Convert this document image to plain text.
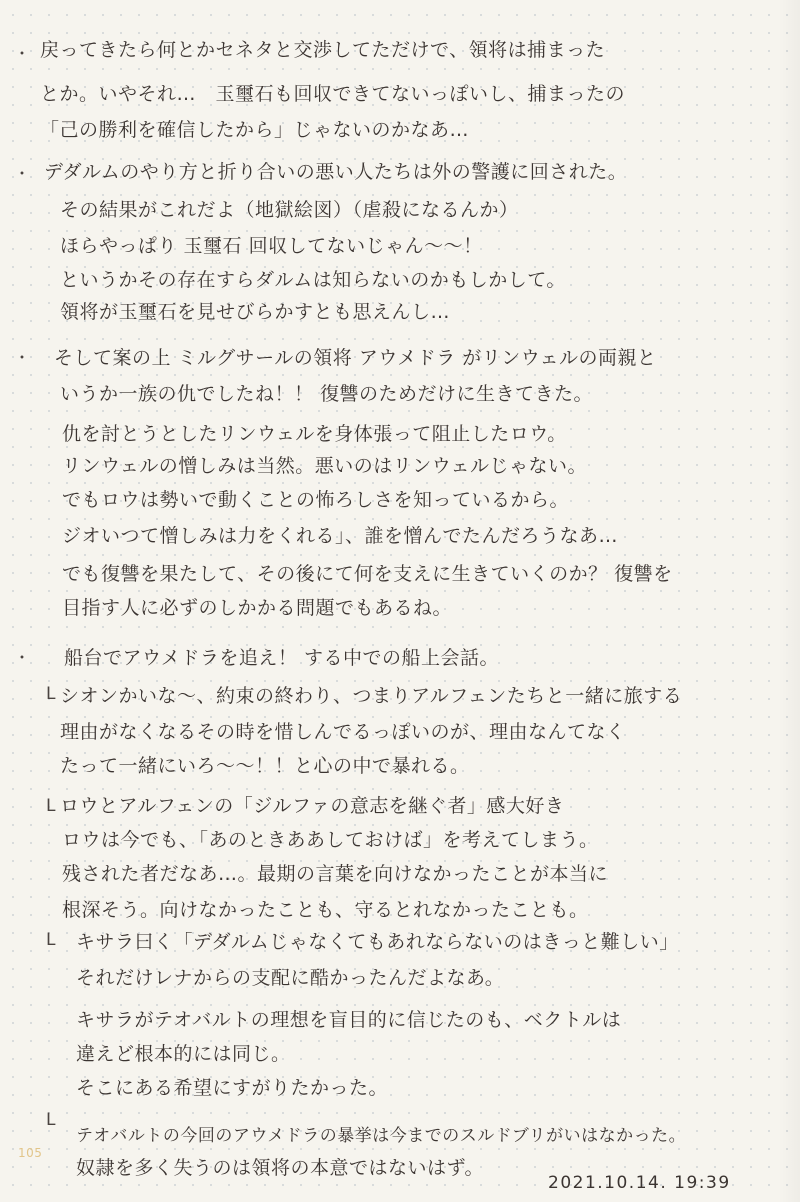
・
・
・
・
L
L
L
L

戻ってきたら何とかセネタと交渉してただけで、領将は捕まった

とか。いやそれ…　玉璽石も回収できてないっぽいし、捕まったの

「己の勝利を確信したから」じゃないのかなあ…

デダルムのやり方と折り合いの悪い人たちは外の警護に回された。

その結果がこれだよ（地獄絵図）（虐殺になるんか）

ほらやっぱり 玉璽石 回収してないじゃん〜〜！

というかその存在すらダルムは知らないのかもしかして。

領将が玉璽石を見せびらかすとも思えんし…

そして案の上 ミルグサールの領将 アウメドラ がリンウェルの両親と

いうか一族の仇でしたね！！ 復讐のためだけに生きてきた。

仇を討とうとしたリンウェルを身体張って阻止したロウ。

リンウェルの憎しみは当然。悪いのはリンウェルじゃない。

でもロウは勢いで動くことの怖ろしさを知っているから。

ジオいつて憎しみは力をくれる」、誰を憎んでたんだろうなあ…

でも復讐を果たして、その後にて何を支えに生きていくのか？ 復讐を

目指す人に必ずのしかかる問題でもあるね。

船台でアウメドラを追え！ する中での船上会話。

シオンかいな〜、約束の終わり、つまりアルフェンたちと一緒に旅する

理由がなくなるその時を惜しんでるっぽいのが、理由なんてなく

たって一緒にいろ〜〜！！と心の中で暴れる。

ロウとアルフェンの「ジルファの意志を継ぐ者」感大好き

ロウは今でも、「あのときああしておけば」を考えてしまう。

残された者だなあ…。最期の言葉を向けなかったことが本当に

根深そう。向けなかったことも、守るとれなかったことも。

キサラ曰く「デダルムじゃなくてもあれならないのはきっと難しい」

それだけレナからの支配に酷かったんだよなあ。

キサラがテオバルトの理想を盲目的に信じたのも、ベクトルは

違えど根本的には同じ。

そこにある希望にすがりたかった。

テオバルトの今回のアウメドラの暴挙は今までのスルドブリがいはなかった。

奴隷を多く失うのは領将の本意ではないはず。

2021.10.14. 19:39
105
